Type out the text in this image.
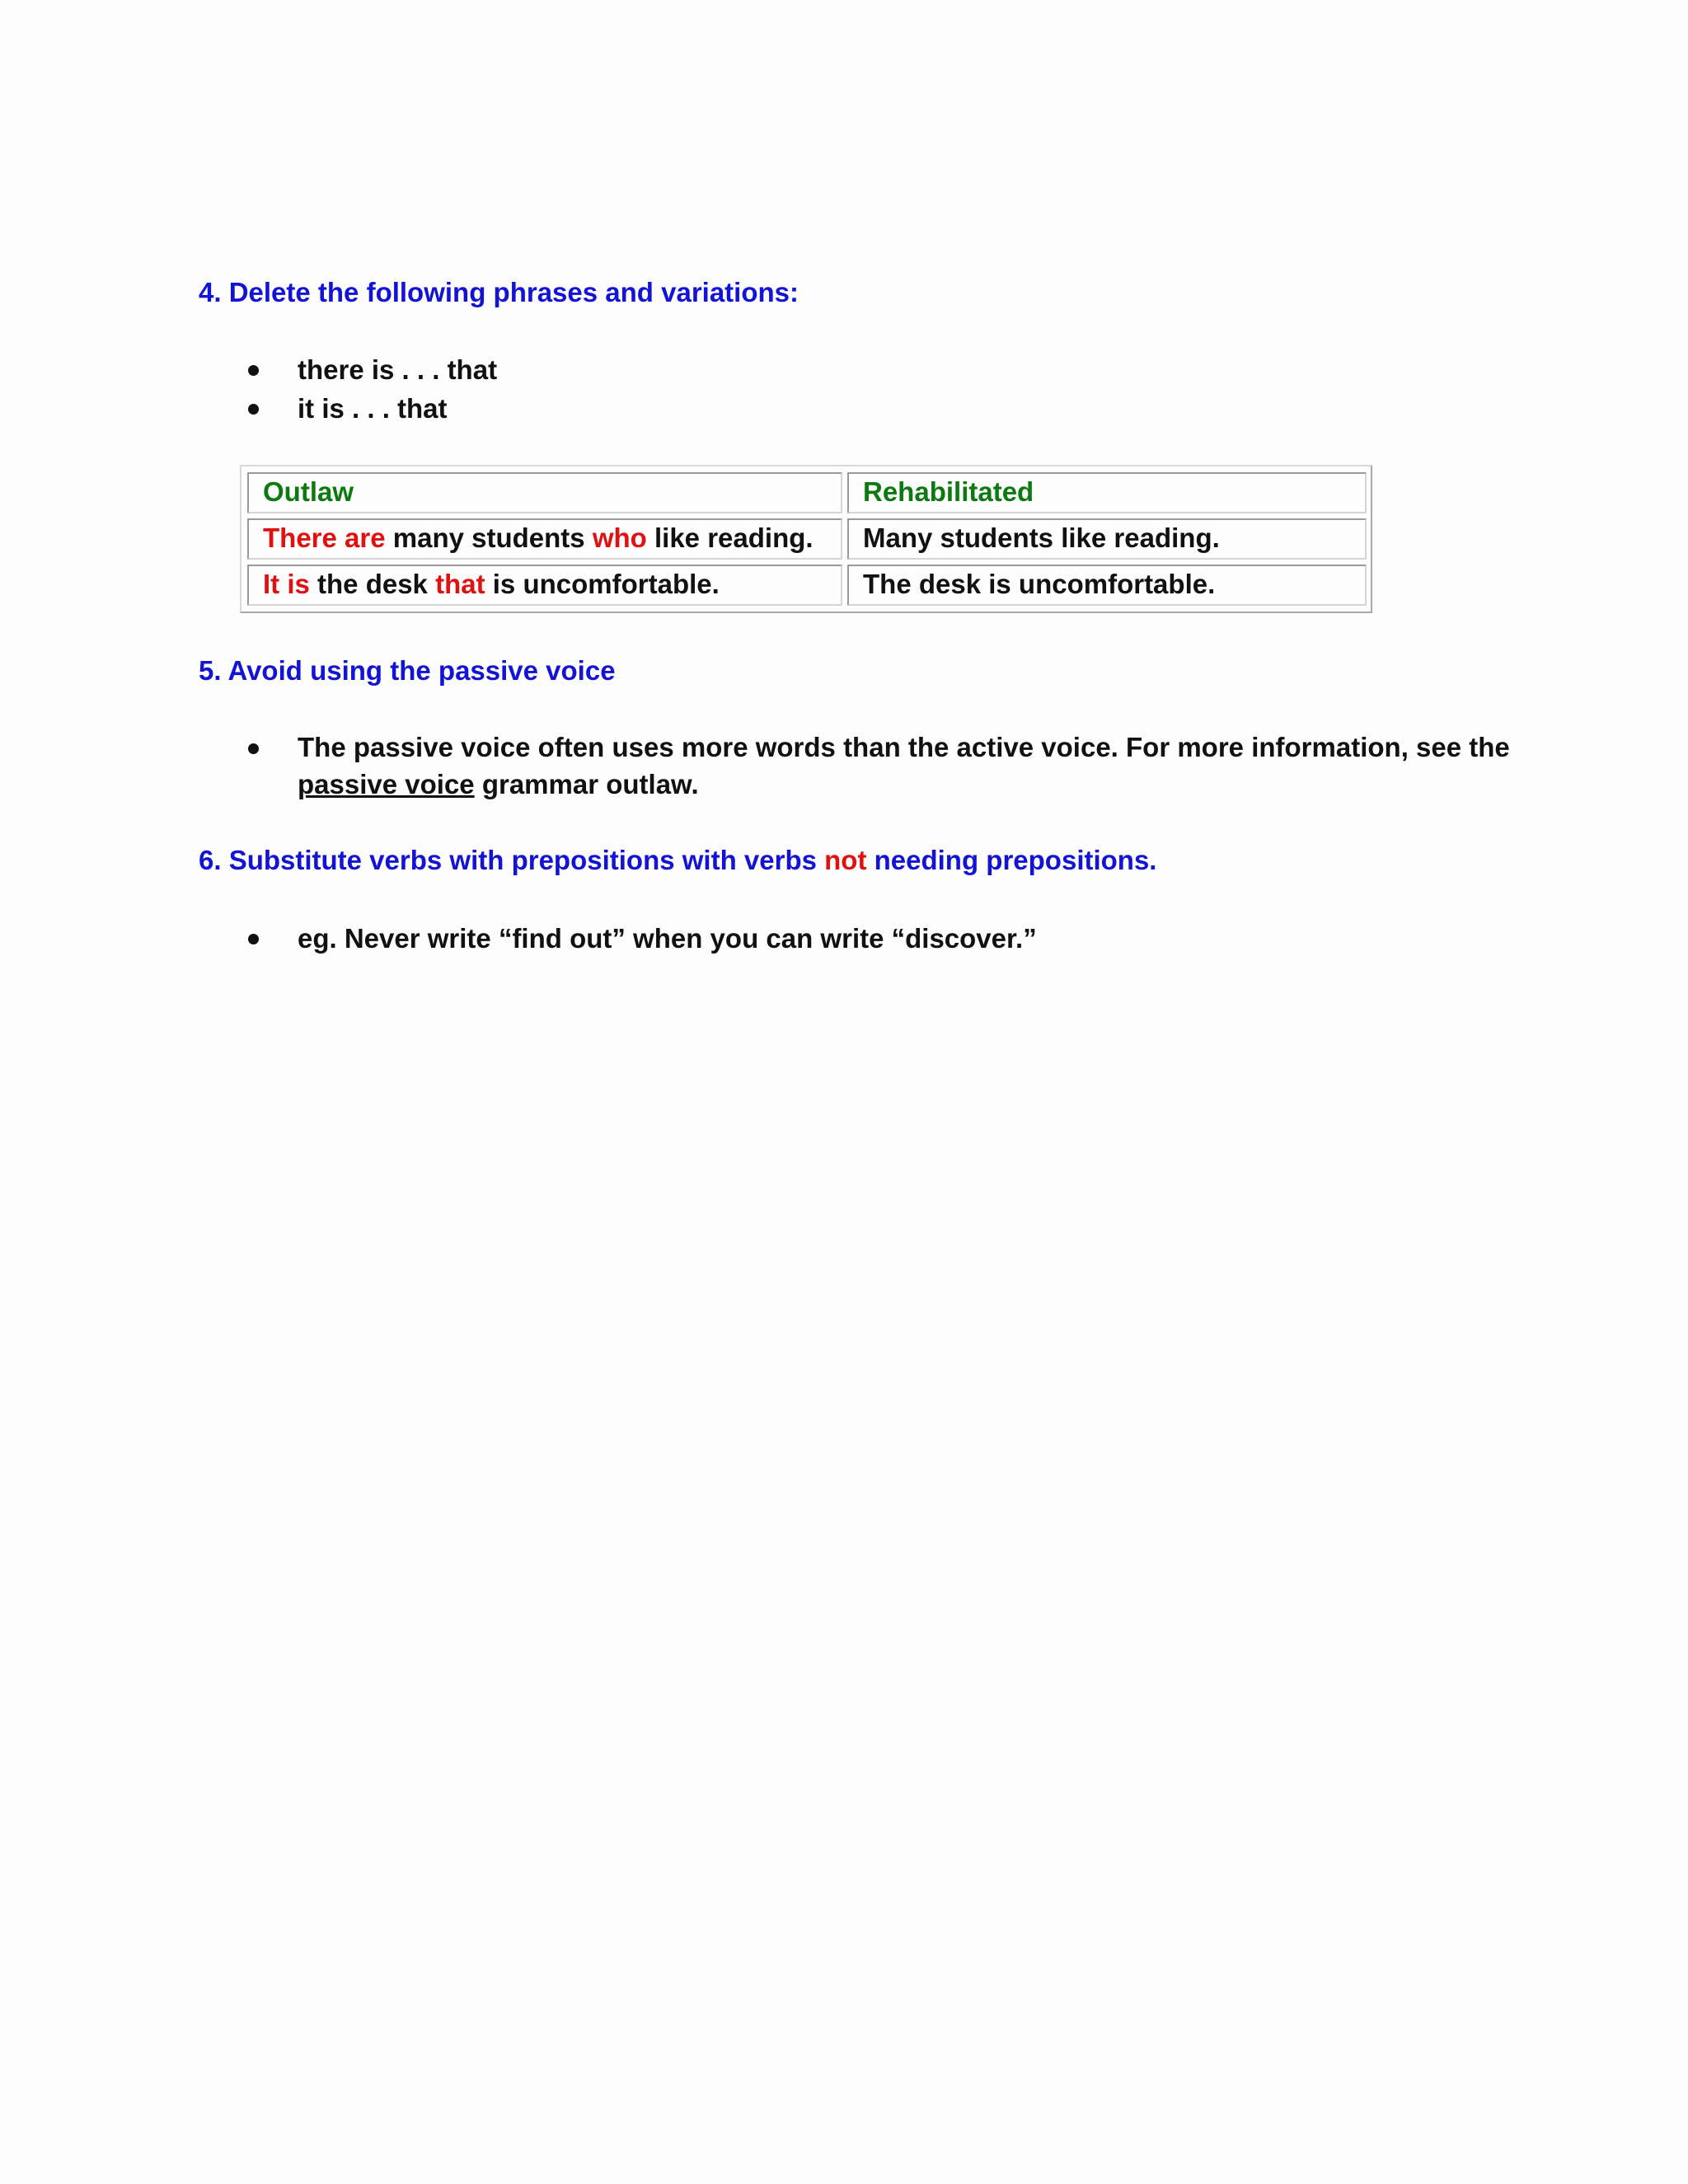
4. Delete the following phrases and variations:
there is . . . that
it is . . . that
Outlaw	Rehabilitated
There are many students who like reading.	Many students like reading.
It is the desk that is uncomfortable.	The desk is uncomfortable.
5. Avoid using the passive voice
The passive voice often uses more words than the active voice. For more information, see the
passive voice grammar outlaw.
6. Substitute verbs with prepositions with verbs not needing prepositions.
eg. Never write “find out” when you can write “discover.”
